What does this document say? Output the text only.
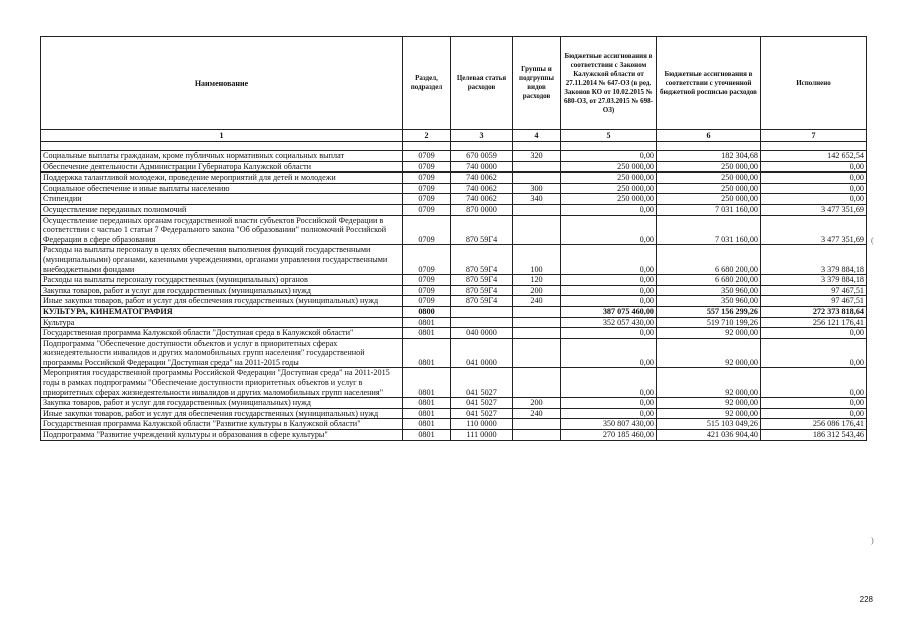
Наименование	Раздел, подраздел	Целевая статья расходов	Группы и подгруппы видов расходов	Бюджетные ассигнования в соответствии с Законом Калужской области от 27.11.2014 № 647-ОЗ (в ред. Законов КО от 10.02.2015 № 680-ОЗ, от 27.03.2015 № 698-ОЗ)	Бюджетные ассигнования в соответствии с уточненной бюджетной росписью расходов	Исполнено
1	2	3	4	5	6	7

Социальные выплаты гражданам, кроме публичных нормативных социальных выплат	0709	670 0059	320	0,00	182 304,68	142 652,54
Обеспечение деятельности Администрации Губернатора Калужской области	0709	740 0000		250 000,00	250 000,00	0,00

Поддержка талантливой молодежи, проведение мероприятий для детей и молодежи	0709	740 0062		250 000,00	250 000,00	0,00
Социальное обеспечение и иные выплаты населению	0709	740 0062	300	250 000,00	250 000,00	0,00
Стипендии	0709	740 0062	340	250 000,00	250 000,00	0,00
Осуществление переданных полномочий	0709	870 0000		0,00	7 031 160,00	3 477 351,69
Осуществление переданных органам государственной власти субъектов Российской Федерации в соответствии с частью 1 статьи 7 Федерального закона "Об образовании" полномочий Российской Федерации в сфере образования	0709	870 59Г4		0,00	7 031 160,00	3 477 351,69
Расходы на выплаты персоналу в целях обеспечения выполнения функций государственными (муниципальными) органами, казенными учреждениями, органами управления государственными внебюджетными фондами	0709	870 59Г4	100	0,00	6 680 200,00	3 379 884,18
Расходы на выплаты персоналу государственных (муниципальных) органов	0709	870 59Г4	120	0,00	6 680 200,00	3 379 884,18
Закупка товаров, работ и услуг для государственных (муниципальных) нужд	0709	870 59Г4	200	0,00	350 960,00	97 467,51
Иные закупки товаров, работ и услуг для обеспечения государственных (муниципальных) нужд	0709	870 59Г4	240	0,00	350 960,00	97 467,51
КУЛЬТУРА, КИНЕМАТОГРАФИЯ	0800			387 075 460,00	557 156 299,26	272 373 818,64
Культура	0801			352 057 430,00	519 710 199,26	256 121 176,41
Государственная программа Калужской области "Доступная среда в Калужской области"	0801	040 0000		0,00	92 000,00	0,00
Подпрограмма "Обеспечение доступности объектов и услуг в приоритетных сферах жизнедеятельности инвалидов и других маломобильных групп населения" государственной программы Российской Федерации "Доступная среда" на 2011-2015 годы	0801	041 0000		0,00	92 000,00	0,00
Мероприятия государственной программы Российской Федерации "Доступная среда" на 2011-2015 годы в рамках подпрограммы "Обеспечение доступности приоритетных объектов и услуг в приоритетных сферах жизнедеятельности инвалидов и других маломобильных групп населения"	0801	041 5027		0,00	92 000,00	0,00
Закупка товаров, работ и услуг для государственных (муниципальных) нужд	0801	041 5027	200	0,00	92 000,00	0,00
Иные закупки товаров, работ и услуг для обеспечения государственных (муниципальных) нужд	0801	041 5027	240	0,00	92 000,00	0,00
Государственная программа Калужской области "Развитие культуры в Калужской области"	0801	110 0000		350 807 430,00	515 103 049,26	256 086 176,41
Подпрограмма "Развитие учреждений культуры и образования в сфере культуры"	0801	111 0000		270 185 460,00	421 036 904,40	186 312 543,46
(
)
228
